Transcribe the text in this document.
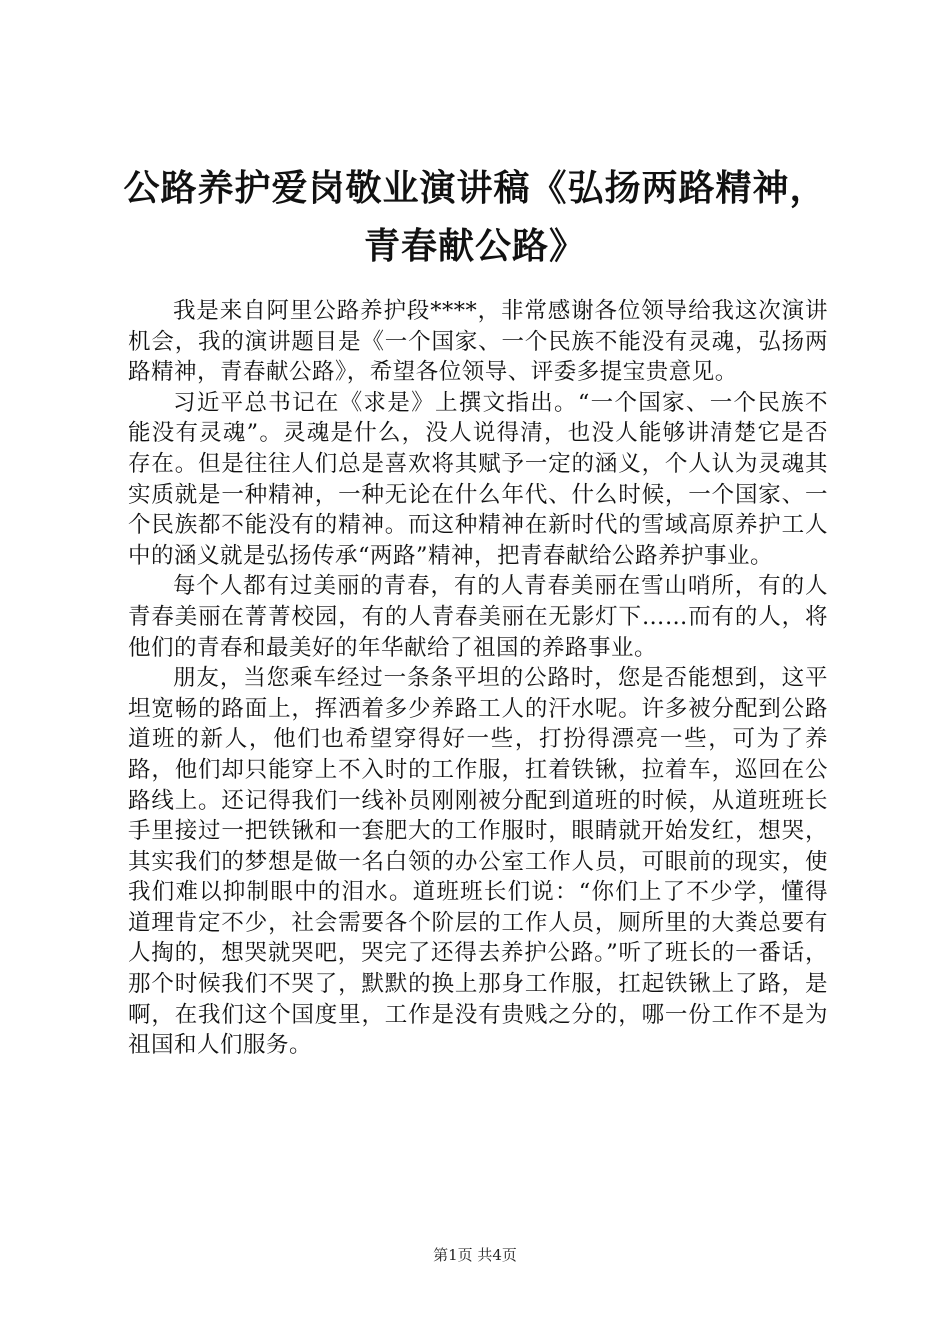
公路养护爱岗敬业演讲稿《弘扬两路精神，青春献公路》

我是来自阿里公路养护段****，非常感谢各位领导给我这次演讲机会，我的演讲题目是《一个国家、一个民族不能没有灵魂，弘扬两路精神，青春献公路》，希望各位领导、评委多提宝贵意见。

习近平总书记在《求是》上撰文指出。“一个国家、一个民族不能没有灵魂”。灵魂是什么，没人说得清，也没人能够讲清楚它是否存在。但是往往人们总是喜欢将其赋予一定的涵义，个人认为灵魂其实质就是一种精神，一种无论在什么年代、什么时候，一个国家、一个民族都不能没有的精神。而这种精神在新时代的雪域高原养护工人中的涵义就是弘扬传承“两路”精神，把青春献给公路养护事业。

每个人都有过美丽的青春，有的人青春美丽在雪山哨所，有的人青春美丽在菁菁校园，有的人青春美丽在无影灯下……而有的人，将他们的青春和最美好的年华献给了祖国的养路事业。

朋友，当您乘车经过一条条平坦的公路时，您是否能想到，这平坦宽畅的路面上，挥洒着多少养路工人的汗水呢。许多被分配到公路道班的新人，他们也希望穿得好一些，打扮得漂亮一些，可为了养路，他们却只能穿上不入时的工作服，扛着铁锹，拉着车，巡回在公路线上。还记得我们一线补员刚刚被分配到道班的时候，从道班班长手里接过一把铁锹和一套肥大的工作服时，眼睛就开始发红，想哭，其实我们的梦想是做一名白领的办公室工作人员，可眼前的现实，使我们难以抑制眼中的泪水。道班班长们说：“你们上了不少学，懂得道理肯定不少，社会需要各个阶层的工作人员，厕所里的大粪总要有人掏的，想哭就哭吧，哭完了还得去养护公路。”听了班长的一番话，那个时候我们不哭了，默默的换上那身工作服，扛起铁锹上了路，是啊，在我们这个国度里，工作是没有贵贱之分的，哪一份工作不是为祖国和人们服务。

第1页 共4页
